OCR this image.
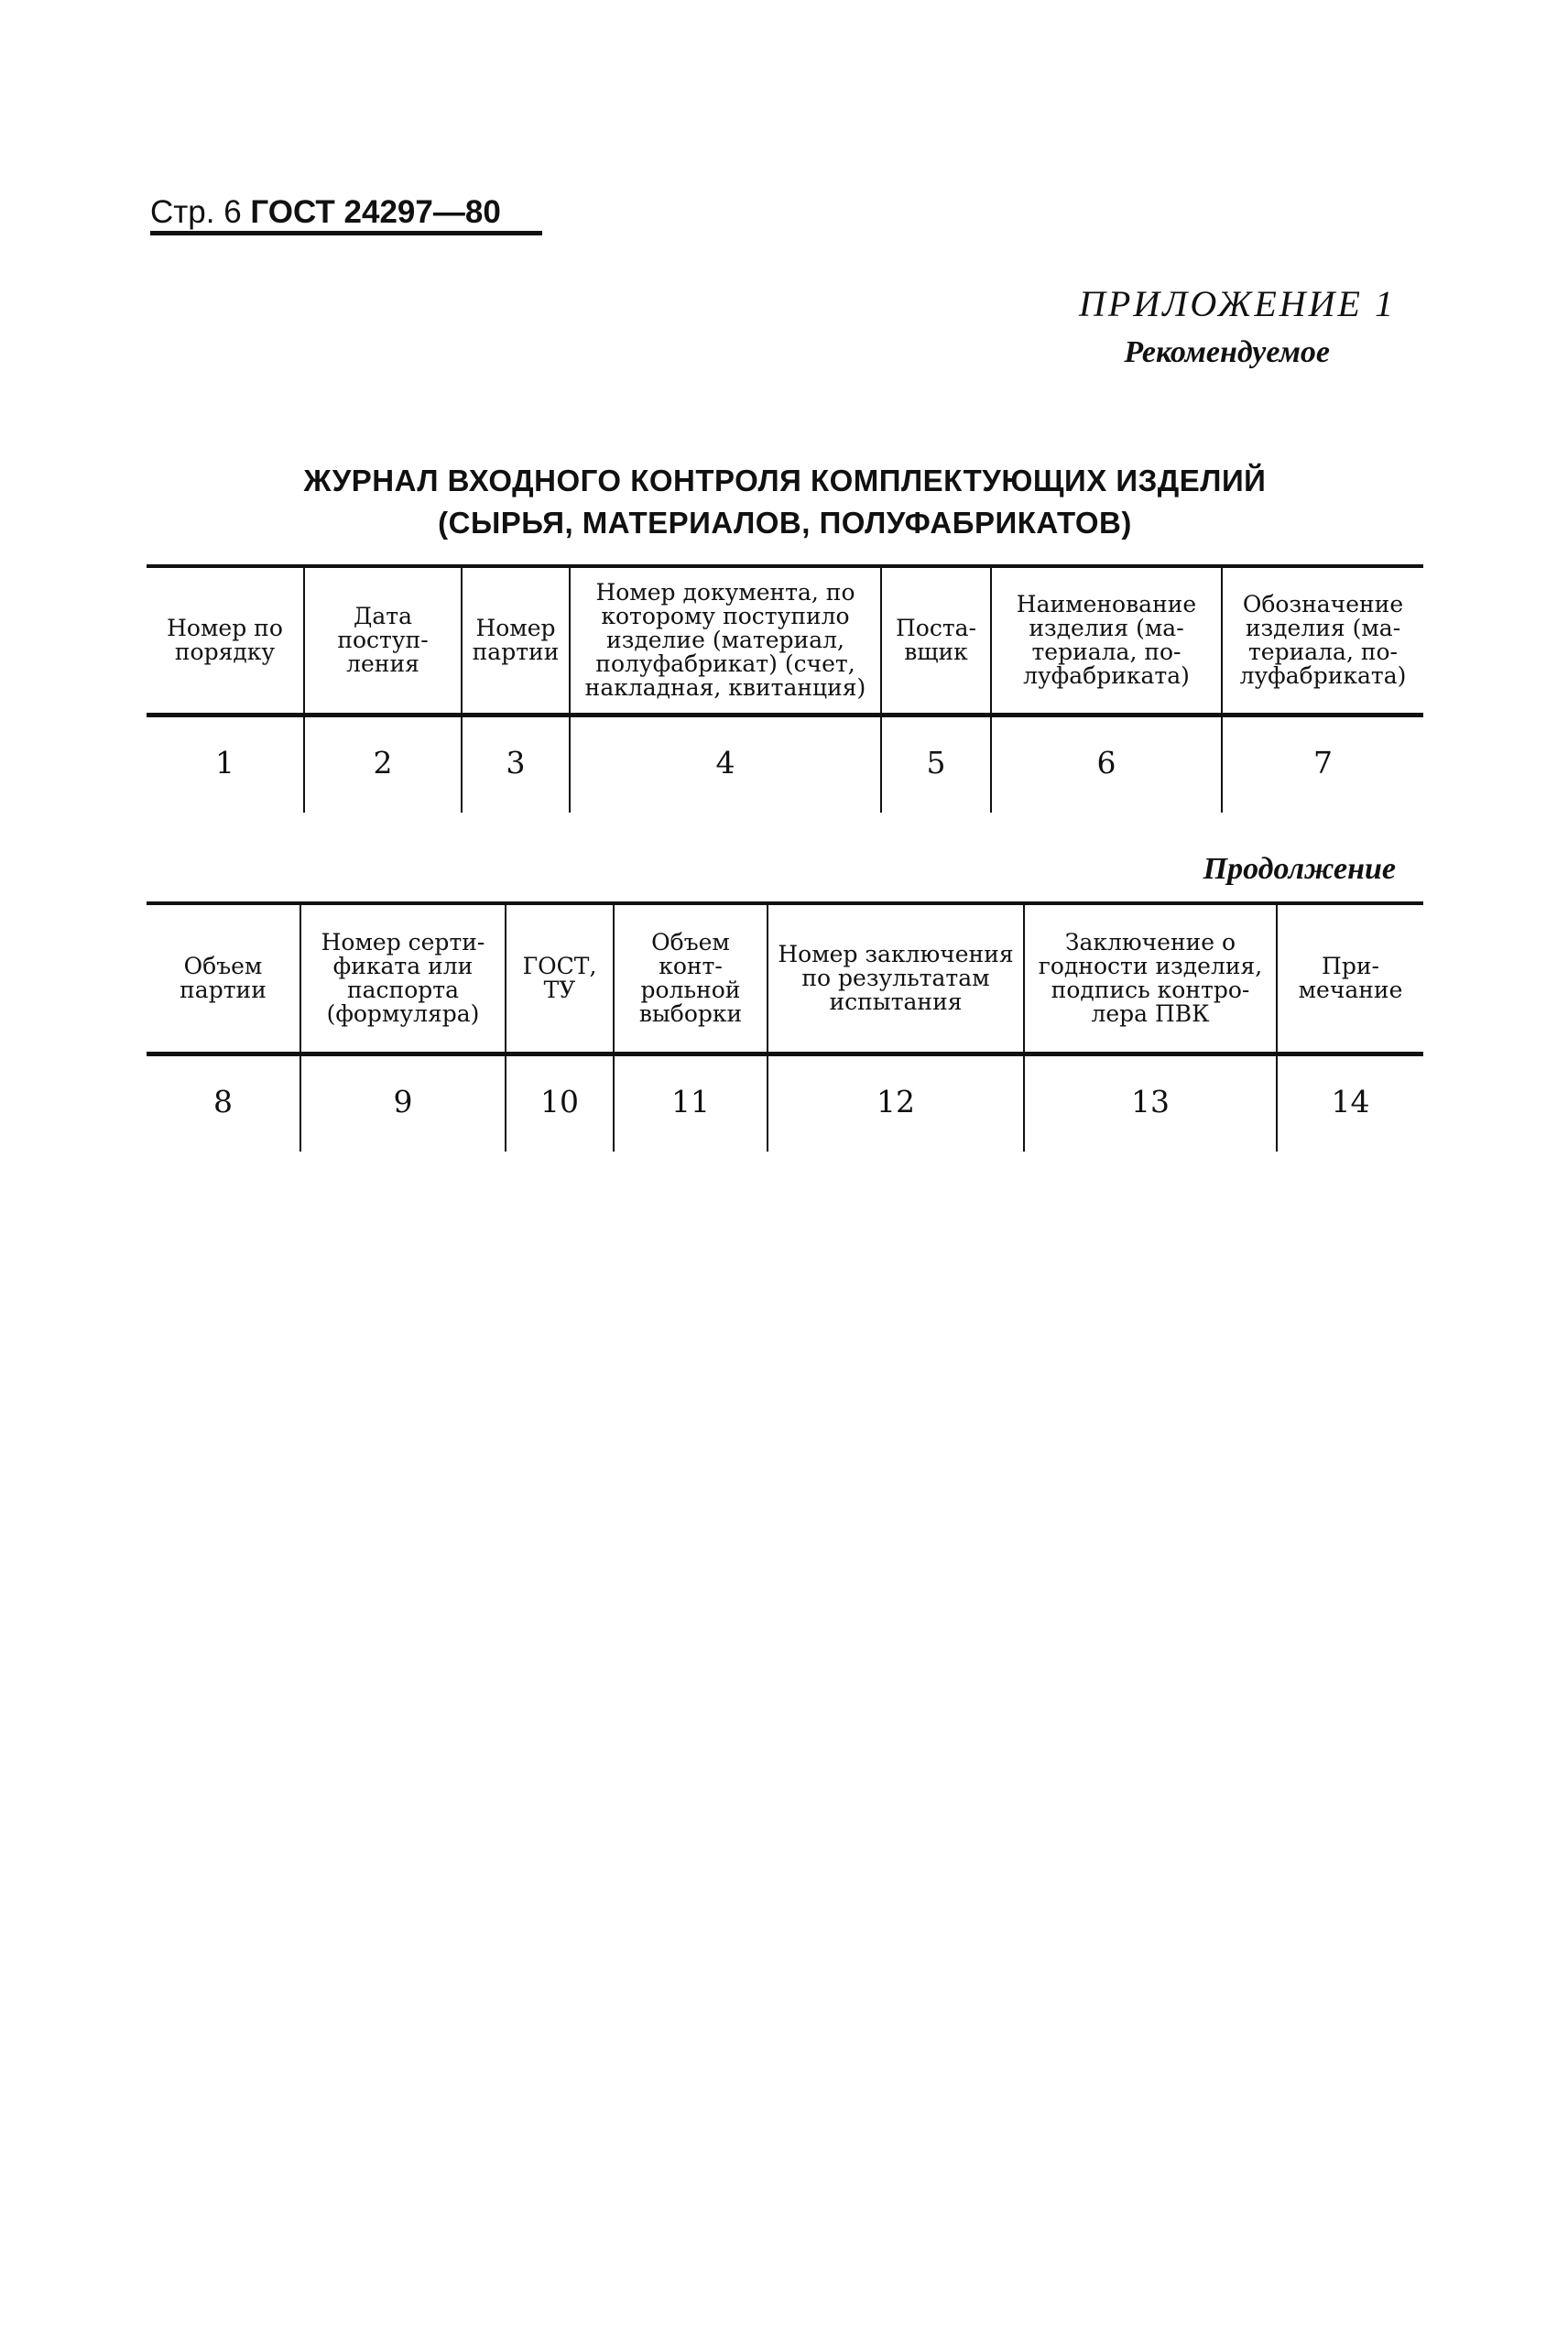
Стр. 6 ГОСТ 24297—80
ПРИЛОЖЕНИЕ 1
Рекомендуемое
ЖУРНАЛ ВХОДНОГО КОНТРОЛЯ КОМПЛЕКТУЮЩИХ ИЗДЕЛИЙ
(СЫРЬЯ, МАТЕРИАЛОВ, ПОЛУФАБРИКАТОВ)
Номер по порядку	Дата поступ- ления	Номер партии	Номер документа, по которому поступило изделие (материал, полуфабрикат) (счет, накладная, квитанция)	Поста- вщик	Наименование изделия (ма- териала, по- луфабриката)	Обозначение изделия (ма- териала, по- луфабриката)
1	2	3	4	5	6	7
Продолжение
Объем партии	Номер серти- фиката или паспорта (формуляра)	ГОСТ, ТУ	Объем конт- рольной выборки	Номер заключения по результатам испытания	Заключение о годности изделия, подпись контро- лера ПВК	При- мечание
8	9	10	11	12	13	14
